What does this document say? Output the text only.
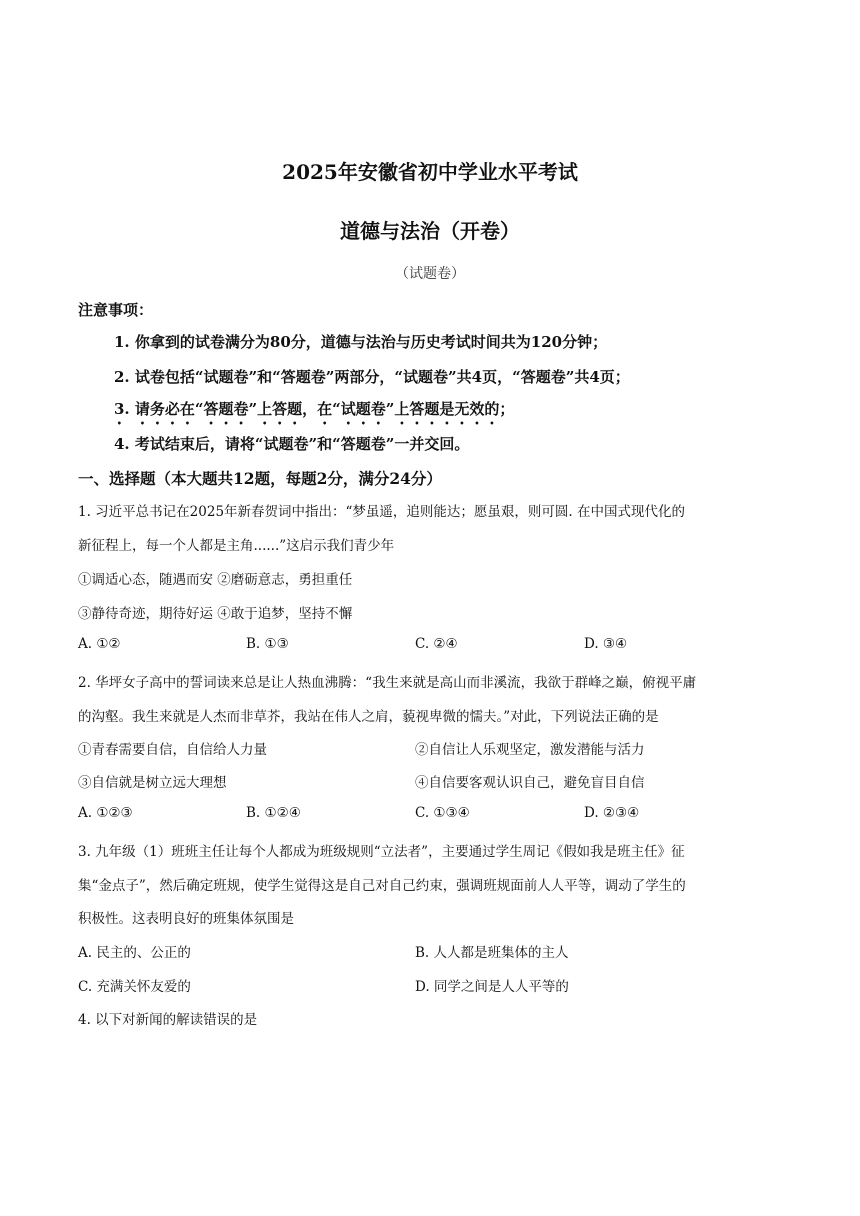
2025年安徽省初中学业水平考试
道德与法治（开卷）
（试题卷）
注意事项：
1. 你拿到的试卷满分为80分，道德与法治与历史考试时间共为120分钟；
2. 试卷包括“试题卷”和“答题卷”两部分，“试题卷”共4页，“答题卷”共4页；
3. 请务必在“答题卷”上答题，在“试题卷”上答题是无效的；
4. 考试结束后，请将“试题卷”和“答题卷”一并交回。
一、选择题（本大题共12题，每题2分，满分24分）
1. 习近平总书记在2025年新春贺词中指出：“梦虽遥，追则能达；愿虽艰，则可圆. 在中国式现代化的
新征程上，每一个人都是主角......”这启示我们青少年
①调适心态，随遇而安 ②磨砺意志，勇担重任
③静待奇迹，期待好运 ④敢于追梦，坚持不懈
A. ①②	B. ①③	C. ②④	D. ③④
2. 华坪女子高中的誓词读来总是让人热血沸腾：“我生来就是高山而非溪流，我欲于群峰之巅，俯视平庸
的沟壑。我生来就是人杰而非草芥，我站在伟人之肩，藐视卑微的懦夫。”对此，下列说法正确的是
①青春需要自信，自信给人力量	②自信让人乐观坚定，激发潜能与活力
③自信就是树立远大理想	④自信要客观认识自己，避免盲目自信
A. ①②③	B. ①②④	C. ①③④	D. ②③④
3. 九年级（1）班班主任让每个人都成为班级规则“立法者”，主要通过学生周记《假如我是班主任》征
集“金点子”，然后确定班规，使学生觉得这是自己对自己约束，强调班规面前人人平等，调动了学生的
积极性。这表明良好的班集体氛围是
A. 民主的、公正的	B. 人人都是班集体的主人
C. 充满关怀友爱的	D. 同学之间是人人平等的
4. 以下对新闻的解读错误的是
